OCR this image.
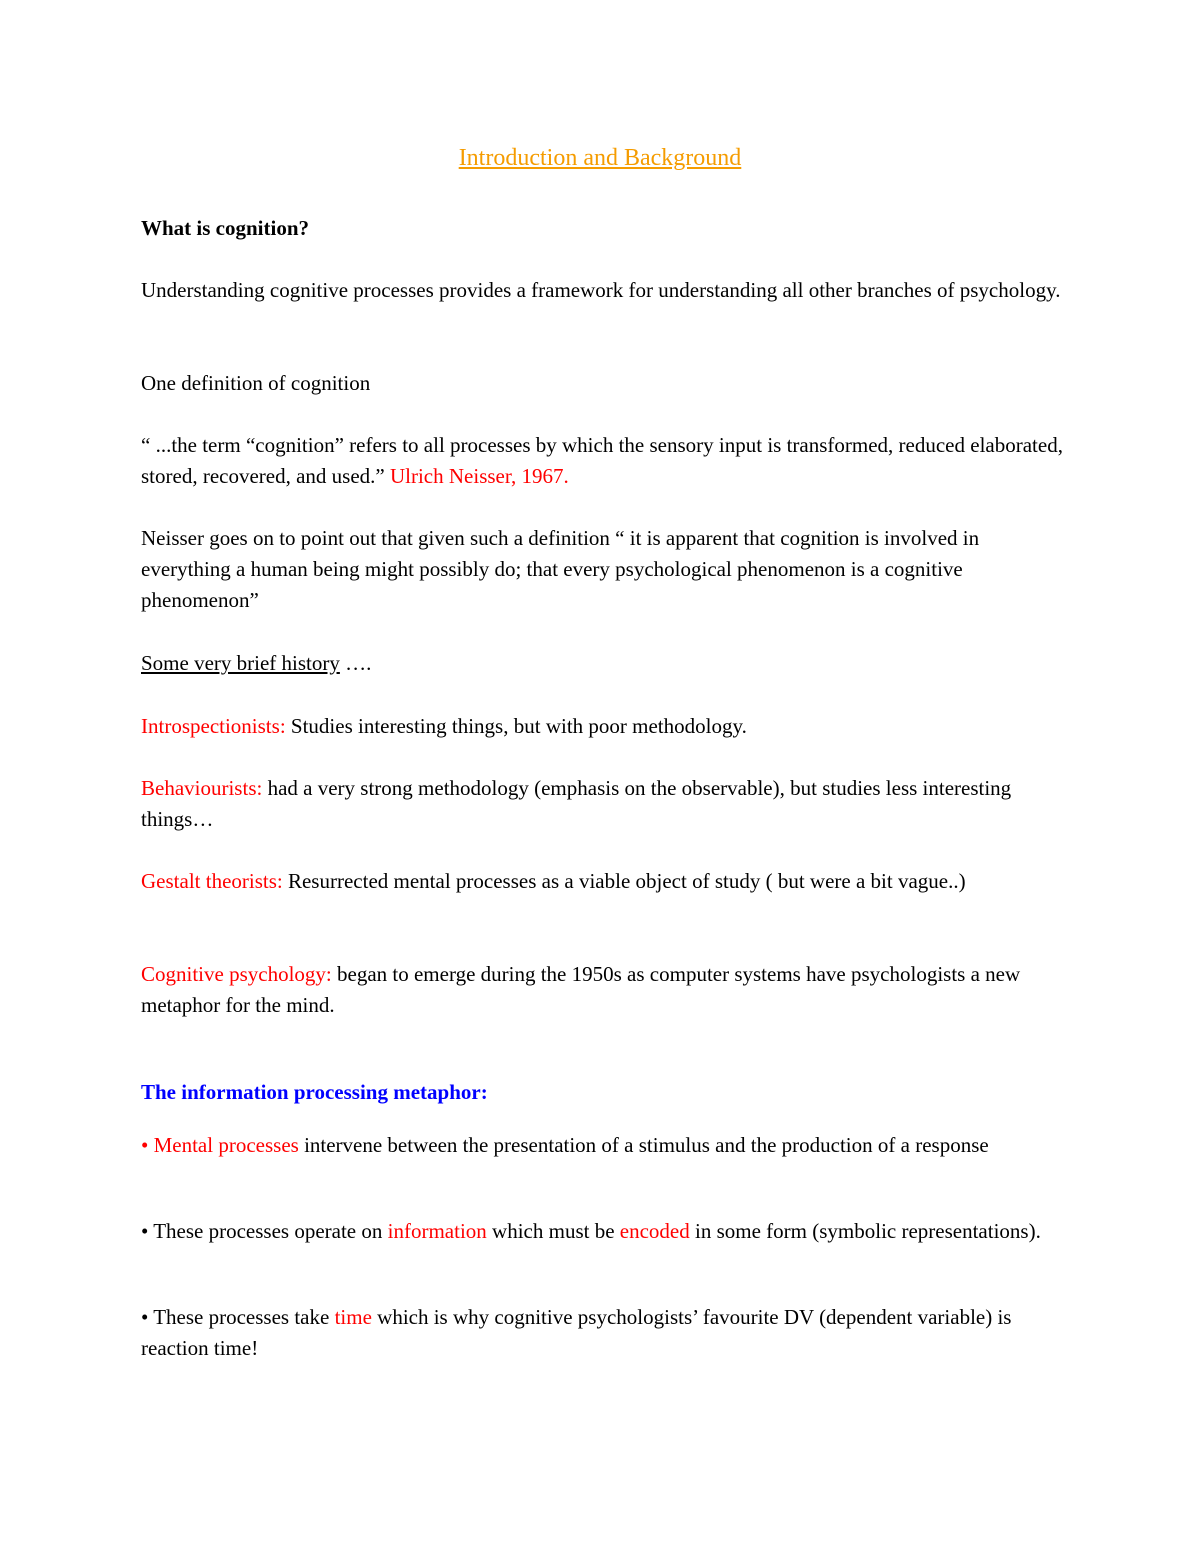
Introduction and Background

What is cognition?

Understanding cognitive processes provides a framework for understanding all other branches of psychology.

One definition of cognition

“ ...the term “cognition” refers to all processes by which the sensory input is transformed, reduced elaborated, stored, recovered, and used.” Ulrich Neisser, 1967.

Neisser goes on to point out that given such a definition “ it is apparent that cognition is involved in everything a human being might possibly do; that every psychological phenomenon is a cognitive phenomenon”

Some very brief history ….

Introspectionists: Studies interesting things, but with poor methodology.

Behaviourists: had a very strong methodology (emphasis on the observable), but studies less interesting things…

Gestalt theorists: Resurrected mental processes as a viable object of study ( but were a bit vague..)

Cognitive psychology: began to emerge during the 1950s as computer systems have psychologists a new metaphor for the mind.

The information processing metaphor:

• Mental processes intervene between the presentation of a stimulus and the production of a response

• These processes operate on information which must be encoded in some form (symbolic representations).

• These processes take time which is why cognitive psychologists’ favourite DV (dependent variable) is reaction time!
